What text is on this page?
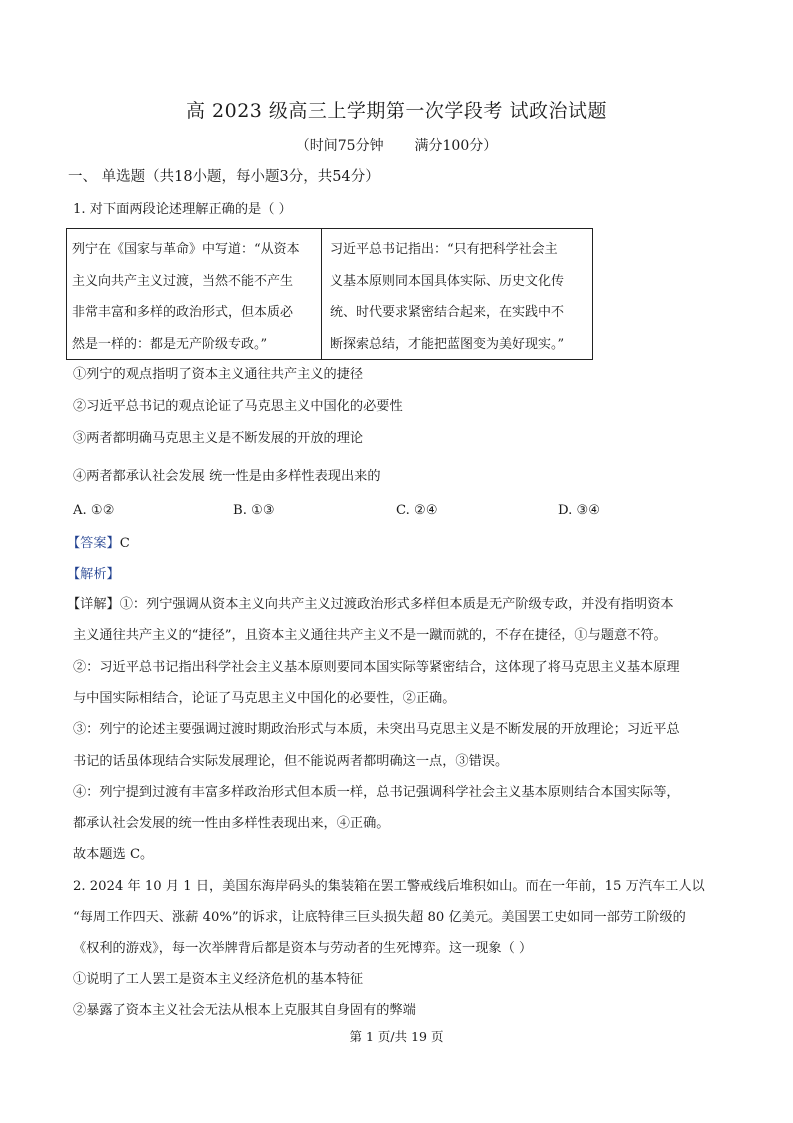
高 2023 级高三上学期第一次学段考 试政治试题
（时间75分钟 满分100分）
一、 单选题（共18小题，每小题3分，共54分）
1. 对下面两段论述理解正确的是（ ）
列宁在《国家与革命》中写道：“从资本
主义向共产主义过渡，当然不能不产生
非常丰富和多样的政治形式，但本质必
然是一样的：都是无产阶级专政。”
习近平总书记指出：“只有把科学社会主
义基本原则同本国具体实际、历史文化传
统、时代要求紧密结合起来，在实践中不
断探索总结，才能把蓝图变为美好现实。”
①列宁的观点指明了资本主义通往共产主义的捷径
②习近平总书记的观点论证了马克思主义中国化的必要性
③两者都明确马克思主义是不断发展的开放的理论
④两者都承认社会发展 统一性是由多样性表现出来的
A. ①②	B. ①③	C. ②④	D. ③④
【答案】C
【解析】
【详解】①：列宁强调从资本主义向共产主义过渡政治形式多样但本质是无产阶级专政，并没有指明资本
主义通往共产主义的“捷径”，且资本主义通往共产主义不是一蹴而就的，不存在捷径，①与题意不符。
②：习近平总书记指出科学社会主义基本原则要同本国实际等紧密结合，这体现了将马克思主义基本原理
与中国实际相结合，论证了马克思主义中国化的必要性，②正确。
③：列宁的论述主要强调过渡时期政治形式与本质，未突出马克思主义是不断发展的开放理论；习近平总
书记的话虽体现结合实际发展理论，但不能说两者都明确这一点，③错误。
④：列宁提到过渡有丰富多样政治形式但本质一样，总书记强调科学社会主义基本原则结合本国实际等，
都承认社会发展的统一性由多样性表现出来，④正确。
故本题选 C。
2. 2024 年 10 月 1 日，美国东海岸码头的集装箱在罢工警戒线后堆积如山。而在一年前，15 万汽车工人以
“每周工作四天、涨薪 40%”的诉求，让底特律三巨头损失超 80 亿美元。美国罢工史如同一部劳工阶级的
《权利的游戏》，每一次举牌背后都是资本与劳动者的生死博弈。这一现象（ ）
①说明了工人罢工是资本主义经济危机的基本特征
②暴露了资本主义社会无法从根本上克服其自身固有的弊端
第 1 页/共 19 页
